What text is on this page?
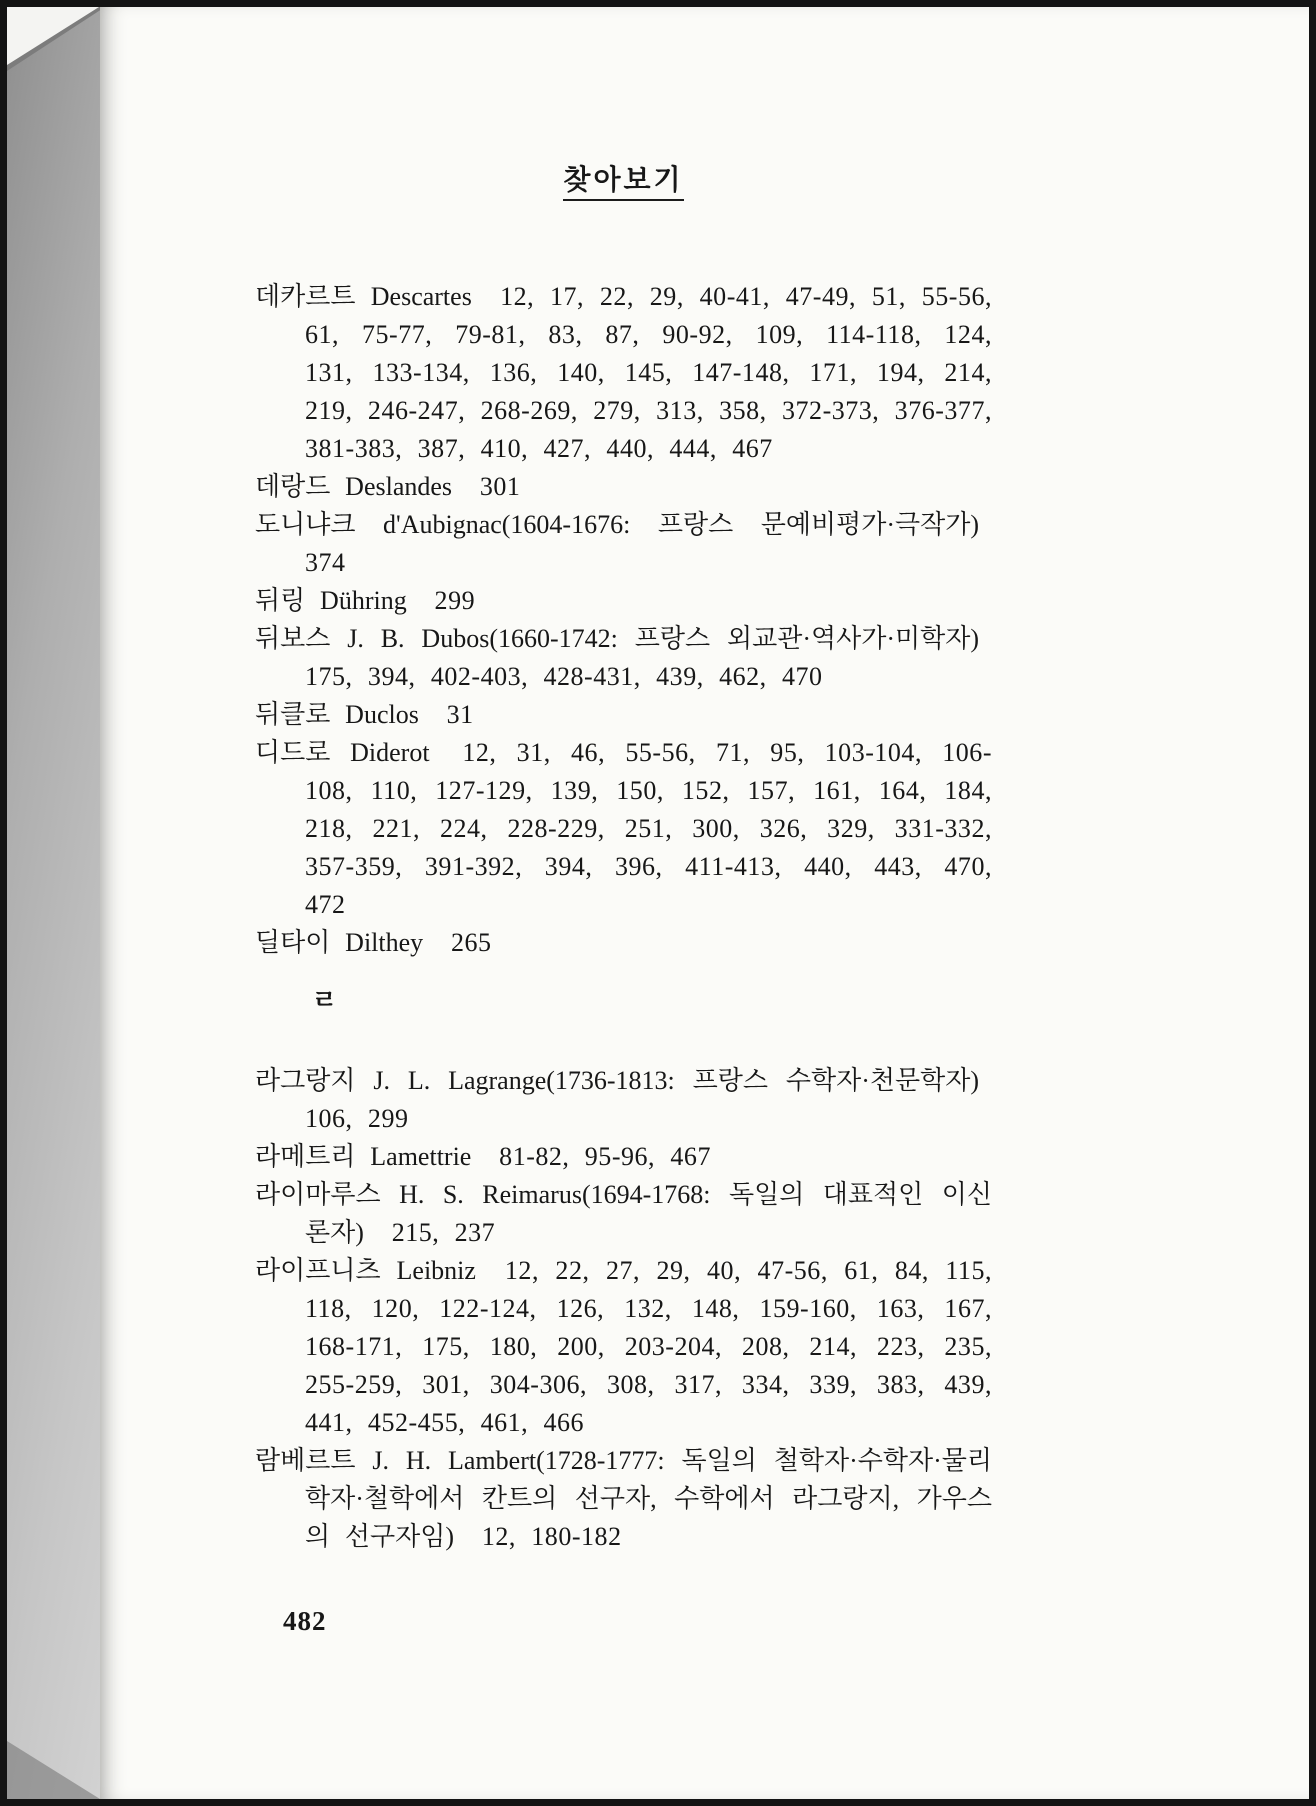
찾아보기

데카르트 Descartes  12, 17, 22, 29, 40-41, 47-49, 51, 55-56, 61, 75-77, 79-81, 83, 87, 90-92, 109, 114-118, 124, 131, 133-134, 136, 140, 145, 147-148, 171, 194, 214, 219, 246-247, 268-269, 279, 313, 358, 372-373, 376-377, 381-383, 387, 410, 427, 440, 444, 467

데랑드 Deslandes  301

도니냐크 d'Aubignac(1604-1676: 프랑스 문예비평가·극작가)  374

뒤링 Dühring  299

뒤보스 J. B. Dubos(1660-1742: 프랑스 외교관·역사가·미학자)  175, 394, 402-403, 428-431, 439, 462, 470

뒤클로 Duclos  31

디드로 Diderot  12, 31, 46, 55-56, 71, 95, 103-104, 106-108, 110, 127-129, 139, 150, 152, 157, 161, 164, 184, 218, 221, 224, 228-229, 251, 300, 326, 329, 331-332, 357-359, 391-392, 394, 396, 411-413, 440, 443, 470, 472

딜타이 Dilthey  265

ㄹ

라그랑지 J. L. Lagrange(1736-1813: 프랑스 수학자·천문학자)  106, 299

라메트리 Lamettrie  81-82, 95-96, 467

라이마루스 H. S. Reimarus(1694-1768: 독일의 대표적인 이신론자)  215, 237

라이프니츠 Leibniz  12, 22, 27, 29, 40, 47-56, 61, 84, 115, 118, 120, 122-124, 126, 132, 148, 159-160, 163, 167, 168-171, 175, 180, 200, 203-204, 208, 214, 223, 235, 255-259, 301, 304-306, 308, 317, 334, 339, 383, 439, 441, 452-455, 461, 466

람베르트 J. H. Lambert(1728-1777: 독일의 철학자·수학자·물리학자·철학에서 칸트의 선구자, 수학에서 라그랑지, 가우스의 선구자임)  12, 180-182

482
